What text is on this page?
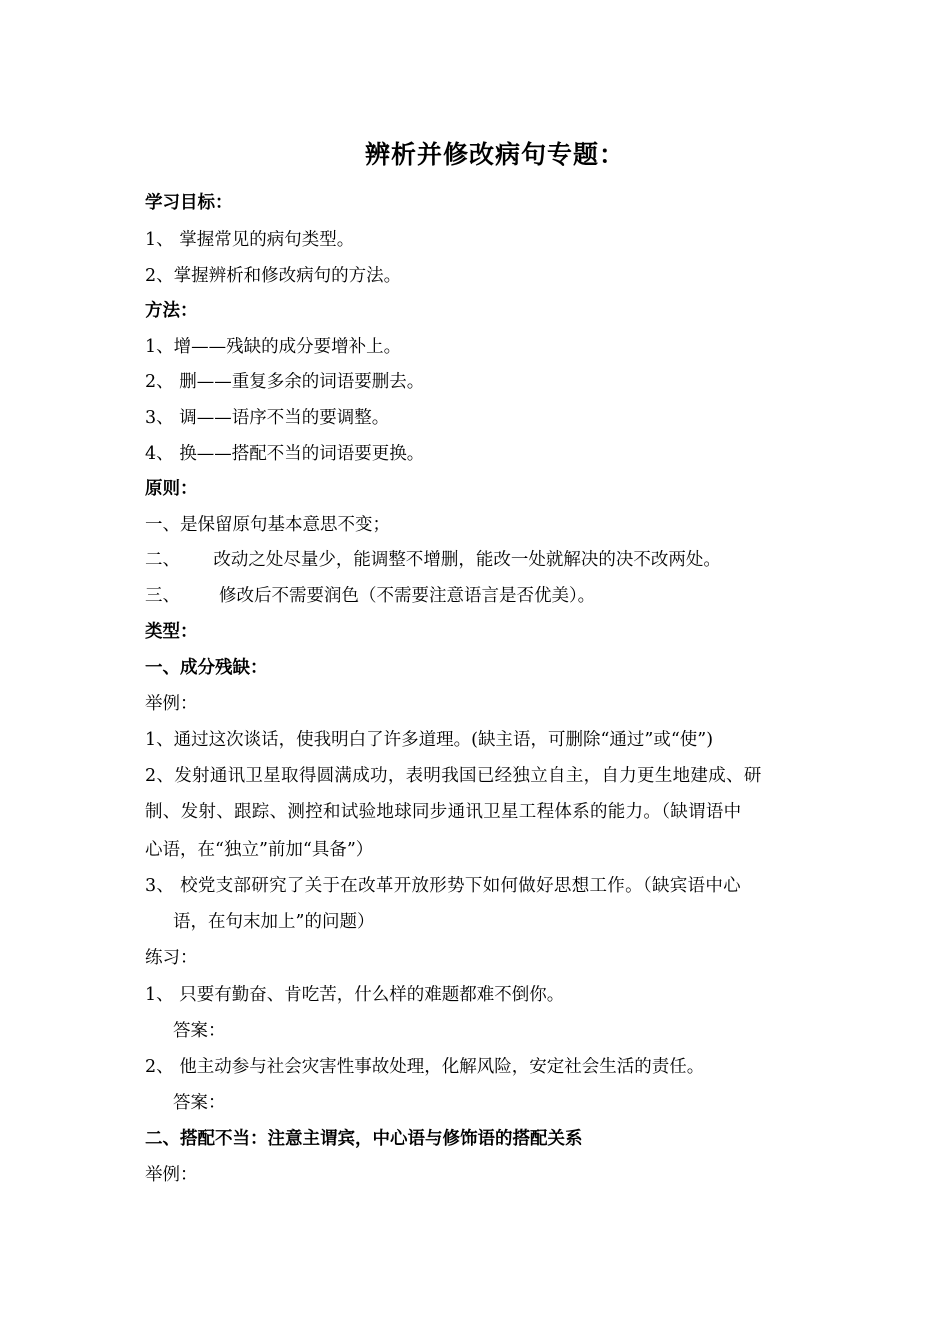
辨析并修改病句专题：
学习目标：
1、 掌握常见的病句类型。
2、掌握辨析和修改病句的方法。
方法：
1、增——残缺的成分要增补上。
2、 删——重复多余的词语要删去。
3、 调——语序不当的要调整。
4、 换——搭配不当的词语要更换。
原则：
一、是保留原句基本意思不变；
二、      改动之处尽量少，能调整不增删，能改一处就解决的决不改两处。
三、       修改后不需要润色（不需要注意语言是否优美）。
类型：
一、成分残缺：
举例：
1、通过这次谈话，使我明白了许多道理。(缺主语，可删除“通过”或“使”)
2、发射通讯卫星取得圆满成功，表明我国已经独立自主，自力更生地建成、研
制、发射、跟踪、测控和试验地球同步通讯卫星工程体系的能力。（缺谓语中
心语，在“独立”前加“具备”）
3、 校党支部研究了关于在改革开放形势下如何做好思想工作。（缺宾语中心
语，在句末加上”的问题）
练习：
1、 只要有勤奋、肯吃苦，什么样的难题都难不倒你。
答案：
2、 他主动参与社会灾害性事故处理，化解风险，安定社会生活的责任。
答案：
二、搭配不当：注意主谓宾，中心语与修饰语的搭配关系
举例：
